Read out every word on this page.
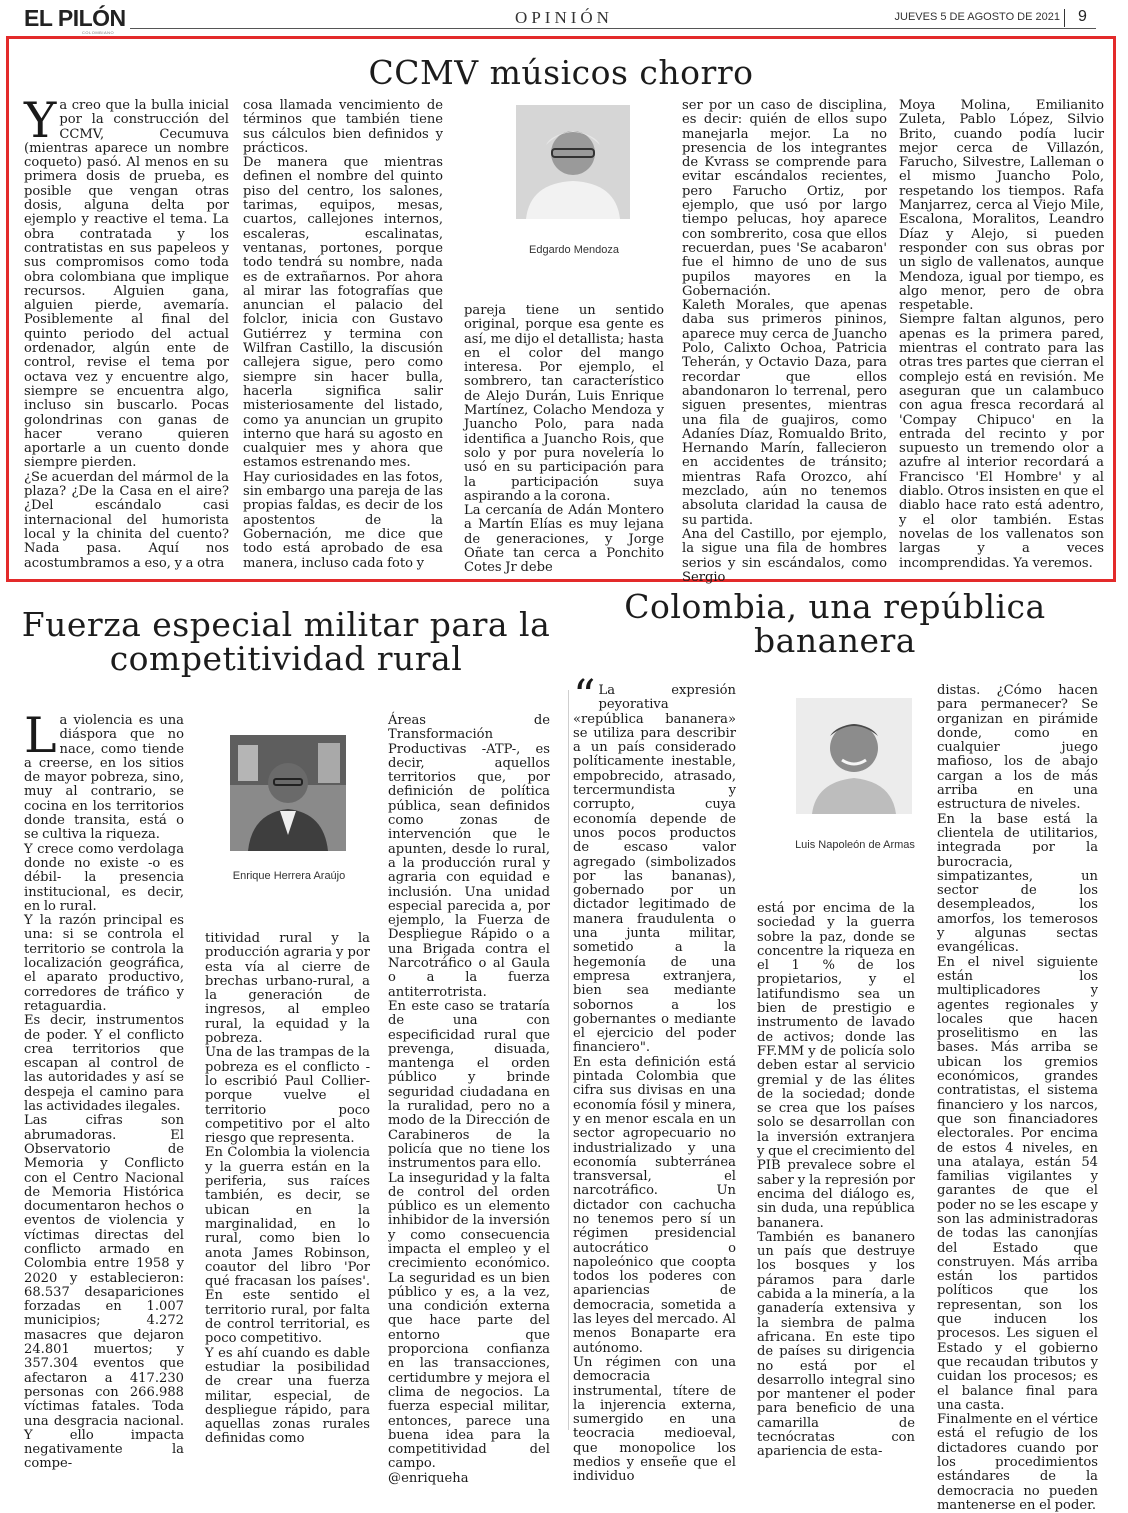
EL PILÓN
COLOMBIANO
OPINIÓN	JUEVES 5 DE AGOSTO DE 2021 9
CCMV músicos chorro
Ya creo que la bulla inicial por la construcción del CCMV, Cecumuva (mientras aparece un nombre coqueto) pasó. Al menos en su primera dosis de prueba, es posible que vengan otras dosis, alguna delta por ejemplo y reactive el tema. La obra contratada y los contratistas en sus papeleos y sus compromisos como toda obra colombiana que implique recursos. Alguien gana, alguien pierde, avemaría. Posiblemente al final del quinto periodo del actual ordenador, algún ente de control, revise el tema por octava vez y encuentre algo, siempre se encuentra algo, incluso sin buscarlo. Pocas golondrinas con ganas de hacer verano quieren aportarle a un cuento donde siempre pierden.
¿Se acuerdan del mármol de la plaza? ¿De la Casa en el aire? ¿Del escándalo casi internacional del humorista local y la chinita del cuento? Nada pasa. Aquí nos acostumbramos a eso, y a otra
cosa llamada vencimiento de términos que también tiene sus cálculos bien definidos y prácticos.
De manera que mientras definen el nombre del quinto piso del centro, los salones, tarimas, equipos, mesas, cuartos, callejones internos, escaleras, escalinatas, ventanas, portones, porque todo tendrá su nombre, nada es de extrañarnos. Por ahora al mirar las fotografías que anuncian el palacio del folclor, inicia con Gustavo Gutiérrez y termina con Wilfran Castillo, la discusión callejera sigue, pero como siempre sin hacer bulla, hacerla significa salir misteriosamente del listado, como ya anuncian un grupito interno que hará su agosto en cualquier mes y ahora que estamos estrenando mes.
Hay curiosidades en las fotos, sin embargo una pareja de las propias faldas, es decir de los apostentos de la Gobernación, me dice que todo está aprobado de esa manera, incluso cada foto y
Edgardo Mendoza
pareja tiene un sentido original, porque esa gente es así, me dijo el detallista; hasta en el color del mango interesa. Por ejemplo, el sombrero, tan característico de Alejo Durán, Luis Enrique Martínez, Colacho Mendoza y Juancho Polo, para nada identifica a Juancho Rois, que solo y por pura novelería lo usó en su participación para la participación suya aspirando a la corona.
La cercanía de Adán Montero a Martín Elías es muy lejana de generaciones, y Jorge Oñate tan cerca a Ponchito Cotes Jr debe
ser por un caso de disciplina, es decir: quién de ellos supo manejarla mejor. La no presencia de los integrantes de Kvrass se comprende para evitar escándalos recientes, pero Farucho Ortiz, por ejemplo, que usó por largo tiempo pelucas, hoy aparece con sombrerito, cosa que ellos recuerdan, pues 'Se acabaron' fue el himno de uno de sus pupilos mayores en la Gobernación.
Kaleth Morales, que apenas daba sus primeros pininos, aparece muy cerca de Juancho Polo, Calixto Ochoa, Patricia Teherán, y Octavio Daza, para recordar que ellos abandonaron lo terrenal, pero siguen presentes, mientras una fila de guajiros, como Adaníes Díaz, Romualdo Brito, Hernando Marín, fallecieron en accidentes de tránsito; mientras Rafa Orozco, ahí mezclado, aún no tenemos absoluta claridad la causa de su partida.
Ana del Castillo, por ejemplo, la sigue una fila de hombres serios y sin escándalos, como Sergio
Moya Molina, Emilianito Zuleta, Pablo López, Silvio Brito, cuando podía lucir mejor cerca de Villazón, Farucho, Silvestre, Lalleman o el mismo Juancho Polo, respetando los tiempos. Rafa Manjarrez, cerca al Viejo Mile, Escalona, Moralitos, Leandro Díaz y Alejo, si pueden responder con sus obras por un siglo de vallenatos, aunque Mendoza, igual por tiempo, es algo menor, pero de obra respetable.
Siempre faltan algunos, pero apenas es la primera pared, mientras el contrato para las otras tres partes que cierran el complejo está en revisión. Me aseguran que un calambuco con agua fresca recordará al 'Compay Chipuco' en la entrada del recinto y por supuesto un tremendo olor a azufre al interior recordará a Francisco 'El Hombre' y al diablo. Otros insisten en que el diablo hace rato está adentro, y el olor también. Estas novelas de los vallenatos son largas y a veces incomprendidas. Ya veremos.
Fuerza especial militar para la competitividad rural
La violencia es una diáspora que no nace, como tiende a creerse, en los sitios de mayor pobreza, sino, muy al contrario, se cocina en los territorios donde transita, está o se cultiva la riqueza.
Y crece como verdolaga donde no existe -o es débil- la presencia institucional, es decir, en lo rural.
Y la razón principal es una: si se controla el territorio se controla la localización geográfica, el aparato productivo, corredores de tráfico y retaguardia.
Es decir, instrumentos de poder. Y el conflicto crea territorios que escapan al control de las autoridades y así se despeja el camino para las actividades ilegales.
Las cifras son abrumadoras. El Observatorio de Memoria y Conflicto con el Centro Nacional de Memoria Histórica documentaron hechos o eventos de violencia y víctimas directas del conflicto armado en Colombia entre 1958 y 2020 y establecieron: 68.537 desapariciones forzadas en 1.007 municipios; 4.272 masacres que dejaron 24.801 muertos; y 357.304 eventos que afectaron a 417.230 personas con 266.988 víctimas fatales. Toda una desgracia nacional. Y ello impacta negativamente la compe-
Enrique Herrera Araújo
titividad rural y la producción agraria y por esta vía al cierre de brechas urbano-rural, a la generación de ingresos, al empleo rural, la equidad y la pobreza.
Una de las trampas de la pobreza es el conflicto -lo escribió Paul Collier- porque vuelve el territorio poco competitivo por el alto riesgo que representa.
En Colombia la violencia y la guerra están en la periferia, sus raíces también, es decir, se ubican en la marginalidad, en lo rural, como bien lo anota James Robinson, coautor del libro 'Por qué fracasan los países'. En este sentido el territorio rural, por falta de control territorial, es poco competitivo.
Y es ahí cuando es dable estudiar la posibilidad de crear una fuerza militar, especial, de despliegue rápido, para aquellas zonas rurales definidas como
Áreas de Transformación Productivas -ATP-, es decir, aquellos territorios que, por definición de política pública, sean definidos como zonas de intervención que le apunten, desde lo rural, a la producción rural y agraria con equidad e inclusión. Una unidad especial parecida a, por ejemplo, la Fuerza de Despliegue Rápido o a una Brigada contra el Narcotráfico o al Gaula o a la fuerza antiterrotrista.
En este caso se trataría de una con especificidad rural que prevenga, disuada, mantenga el orden público y brinde seguridad ciudadana en la ruralidad, pero no a modo de la Dirección de Carabineros de la policía que no tiene los instrumentos para ello.
La inseguridad y la falta de control del orden público es un elemento inhibidor de la inversión y como consecuencia impacta el empleo y el crecimiento económico. La seguridad es un bien público y es, a la vez, una condición externa que hace parte del entorno que proporciona confianza en las transacciones, certidumbre y mejora el clima de negocios. La fuerza especial militar, entonces, parece una buena idea para la competitividad del campo.
@enriqueha
Colombia, una república bananera
“ La expresión peyorativa «república bananera» se utiliza para describir a un país considerado políticamente inestable, empobrecido, atrasado, tercermundista y corrupto, cuya economía depende de unos pocos productos de escaso valor agregado (simbolizados por las bananas), gobernado por un dictador legitimado de manera fraudulenta o una junta militar, sometido a la hegemonía de una empresa extranjera, bien sea mediante sobornos a los gobernantes o mediante el ejercicio del poder financiero".
En esta definición está pintada Colombia que cifra sus divisas en una economía fósil y minera, y en menor escala en un sector agropecuario no industrializado y una economía subterránea transversal, el narcotráfico. Un dictador con cachucha no tenemos pero sí un régimen presidencial autocrático o napoleónico que coopta todos los poderes con apariencias de democracia, sometida a las leyes del mercado. Al menos Bonaparte era autónomo.
Un régimen con una democracia instrumental, títere de la injerencia externa, sumergido en una teocracia medioeval, que monopolice los medios y enseñe que el individuo
Luis Napoleón de Armas
está por encima de la sociedad y la guerra sobre la paz, donde se concentre la riqueza en el 1 % de los propietarios, y el latifundismo sea un bien de prestigio e instrumento de lavado de activos; donde las FF.MM y de policía solo deben estar al servicio gremial y de las élites de la sociedad; donde se crea que los países solo se desarrollan con la inversión extranjera y que el crecimiento del PIB prevalece sobre el saber y la represión por encima del diálogo es, sin duda, una república bananera.
También es bananero un país que destruye los bosques y los páramos para darle cabida a la minería, a la ganadería extensiva y la siembra de palma africana. En este tipo de países su dirigencia no está por el desarrollo integral sino por mantener el poder para beneficio de una camarilla de tecnócratas con apariencia de esta-
distas. ¿Cómo hacen para permanecer? Se organizan en pirámide donde, como en cualquier juego mafioso, los de abajo cargan a los de más arriba en una estructura de niveles.
En la base está la clientela de utilitarios, integrada por la burocracia, simpatizantes, un sector de los desempleados, los amorfos, los temerosos y algunas sectas evangélicas.
En el nivel siguiente están los multiplicadores y agentes regionales y locales que hacen proselitismo en las bases. Más arriba se ubican los gremios económicos, grandes contratistas, el sistema financiero y los narcos, que son financiadores electorales. Por encima de estos 4 niveles, en una atalaya, están 54 familias vigilantes y garantes de que el poder no se les escape y son las administradoras de todas las canonjías del Estado que construyen. Más arriba están los partidos políticos que los representan, son los que inducen los procesos. Les siguen el Estado y el gobierno que recaudan tributos y cuidan los procesos; es el balance final para una casta.
Finalmente en el vértice está el refugio de los dictadores cuando por los procedimientos estándares de la democracia no pueden mantenerse en el poder.
